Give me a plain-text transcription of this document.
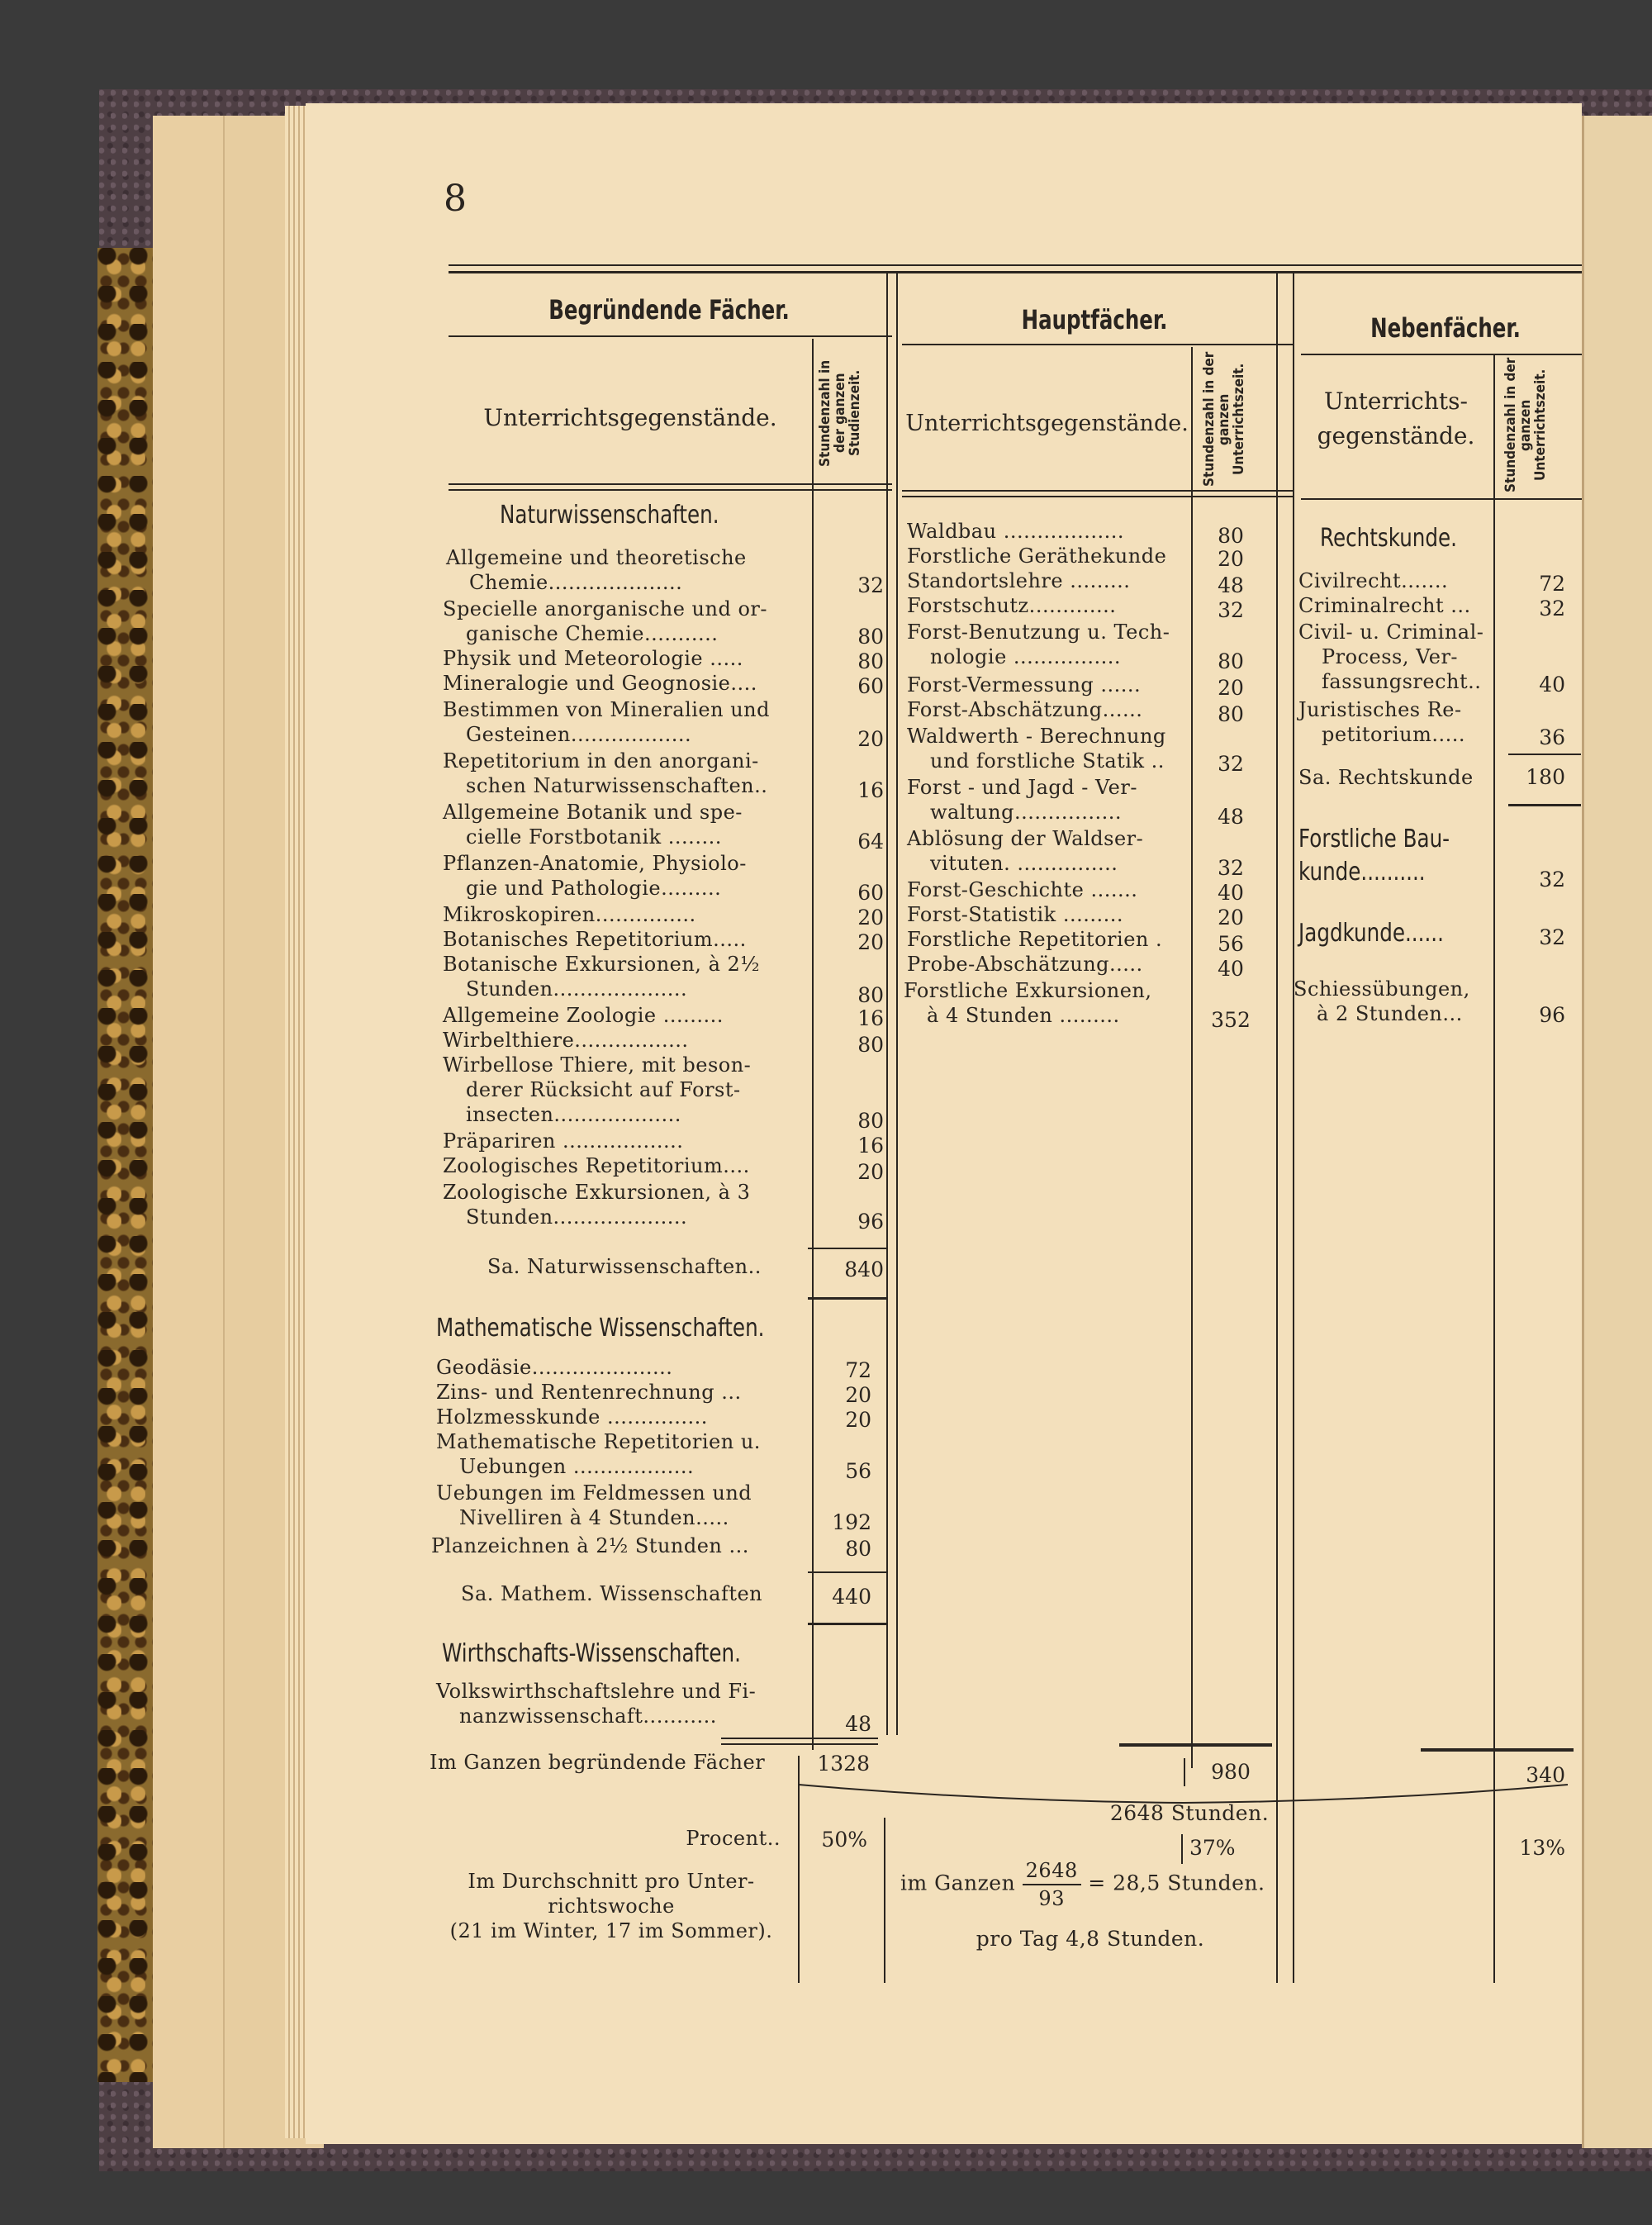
8
Begründende Fächer.	Hauptfächer.	Nebenfächer.
Unterrichtsgegenstände.	Unterrichtsgegenstände.
Unterrichts-gegenstände.
Stundenzahl in der ganzen Studienzeit.	Stundenzahl in der ganzen Unterrichtszeit.	Stundenzahl in der ganzen Unterrichtszeit.
Naturwissenschaften.
Allgemeine und theoretische
Chemie....................	32
Specielle anorganische und or-
ganische Chemie...........	80
Physik und Meteorologie .....	80
Mineralogie und Geognosie....	60
Bestimmen von Mineralien und
Gesteinen..................	20
Repetitorium in den anorgani-
schen Naturwissenschaften..	16
Allgemeine Botanik und spe-
cielle Forstbotanik ........	64
Pflanzen-Anatomie, Physiolo-
gie und Pathologie.........	60
Mikroskopiren...............	20
Botanisches Repetitorium.....	20
Botanische Exkursionen, à 2½
Stunden....................	80
Allgemeine Zoologie .........	16
Wirbelthiere.................	80
Wirbellose Thiere, mit beson-
derer Rücksicht auf Forst-
insecten...................	80
Präpariren ..................	16
Zoologisches Repetitorium....	20
Zoologische Exkursionen, à 3
Stunden....................	96
Sa. Naturwissenschaften..	840
Mathematische Wissenschaften.
Geodäsie.....................	72
Zins- und Rentenrechnung ...	20
Holzmesskunde ...............	20
Mathematische Repetitorien u.
Uebungen ..................	56
Uebungen im Feldmessen und
Nivelliren à 4 Stunden.....	192
Planzeichnen à 2½ Stunden ...	80
Sa. Mathem. Wissenschaften	440
Wirthschafts-Wissenschaften.
Volkswirthschaftslehre und Fi-
nanzwissenschaft...........	48
Im Ganzen begründende Fächer	1328
Procent..	50%
Im Durchschnitt pro Unter-
richtswoche
(21 im Winter, 17 im Sommer).
Waldbau ..................	80
Forstliche Geräthekunde	20
Standortslehre .........	48
Forstschutz.............	32
Forst-Benutzung u. Tech-
nologie ................	80
Forst-Vermessung ......	20
Forst-Abschätzung......	80
Waldwerth - Berechnung
und forstliche Statik ..	32
Forst - und Jagd - Ver-
waltung................	48
Ablösung der Waldser-
vituten. ...............	32
Forst-Geschichte .......	40
Forst-Statistik .........	20
Forstliche Repetitorien .	56
Probe-Abschätzung.....	40
Forstliche Exkursionen,
à 4 Stunden .........	352
980
2648 Stunden.
37%
im Ganzen $\frac{2648}{93} = 28,5$ Stunden.
pro Tag 4,8 Stunden.
Rechtskunde.
Civilrecht.......	72
Criminalrecht ...	32
Civil- u. Criminal-
Process, Ver-
fassungsrecht..	40
Juristisches Re-
petitorium.....	36
Sa. Rechtskunde	180
Forstliche Bau-
kunde..........	32
Jagdkunde......	32
Schiessübungen,
à 2 Stunden...	96
340
13%
